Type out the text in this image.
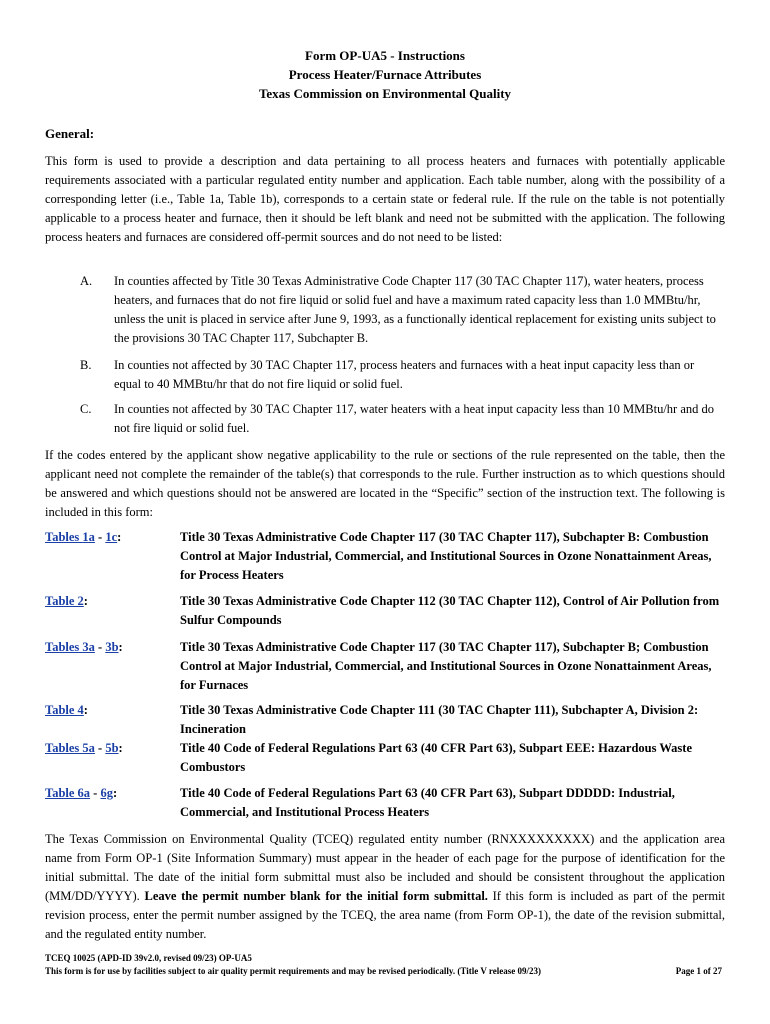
Form OP-UA5 - Instructions
Process Heater/Furnace Attributes
Texas Commission on Environmental Quality
General:
This form is used to provide a description and data pertaining to all process heaters and furnaces with potentially applicable requirements associated with a particular regulated entity number and application. Each table number, along with the possibility of a corresponding letter (i.e., Table 1a, Table 1b), corresponds to a certain state or federal rule. If the rule on the table is not potentially applicable to a process heater and furnace, then it should be left blank and need not be submitted with the application. The following process heaters and furnaces are considered off-permit sources and do not need to be listed:
A. In counties affected by Title 30 Texas Administrative Code Chapter 117 (30 TAC Chapter 117), water heaters, process heaters, and furnaces that do not fire liquid or solid fuel and have a maximum rated capacity less than 1.0 MMBtu/hr, unless the unit is placed in service after June 9, 1993, as a functionally identical replacement for existing units subject to the provisions 30 TAC Chapter 117, Subchapter B.
B. In counties not affected by 30 TAC Chapter 117, process heaters and furnaces with a heat input capacity less than or equal to 40 MMBtu/hr that do not fire liquid or solid fuel.
C. In counties not affected by 30 TAC Chapter 117, water heaters with a heat input capacity less than 10 MMBtu/hr and do not fire liquid or solid fuel.
If the codes entered by the applicant show negative applicability to the rule or sections of the rule represented on the table, then the applicant need not complete the remainder of the table(s) that corresponds to the rule. Further instruction as to which questions should be answered and which questions should not be answered are located in the “Specific” section of the instruction text. The following is included in this form:
Tables 1a - 1c:	Title 30 Texas Administrative Code Chapter 117 (30 TAC Chapter 117), Subchapter B: Combustion Control at Major Industrial, Commercial, and Institutional Sources in Ozone Nonattainment Areas, for Process Heaters
Table 2:	Title 30 Texas Administrative Code Chapter 112 (30 TAC Chapter 112), Control of Air Pollution from Sulfur Compounds
Tables 3a - 3b:	Title 30 Texas Administrative Code Chapter 117 (30 TAC Chapter 117), Subchapter B; Combustion Control at Major Industrial, Commercial, and Institutional Sources in Ozone Nonattainment Areas, for Furnaces
Table 4:	Title 30 Texas Administrative Code Chapter 111 (30 TAC Chapter 111), Subchapter A, Division 2: Incineration
Tables 5a - 5b:	Title 40 Code of Federal Regulations Part 63 (40 CFR Part 63), Subpart EEE: Hazardous Waste Combustors
Table 6a - 6g:	Title 40 Code of Federal Regulations Part 63 (40 CFR Part 63), Subpart DDDDD: Industrial, Commercial, and Institutional Process Heaters
The Texas Commission on Environmental Quality (TCEQ) regulated entity number (RNXXXXXXXXX) and the application area name from Form OP-1 (Site Information Summary) must appear in the header of each page for the purpose of identification for the initial submittal. The date of the initial form submittal must also be included and should be consistent throughout the application (MM/DD/YYYY). Leave the permit number blank for the initial form submittal. If this form is included as part of the permit revision process, enter the permit number assigned by the TCEQ, the area name (from Form OP-1), the date of the revision submittal, and the regulated entity number.
TCEQ 10025 (APD-ID 39v2.0, revised 09/23) OP-UA5
This form is for use by facilities subject to air quality permit requirements and may be revised periodically. (Title V release 09/23)	Page 1 of 27
